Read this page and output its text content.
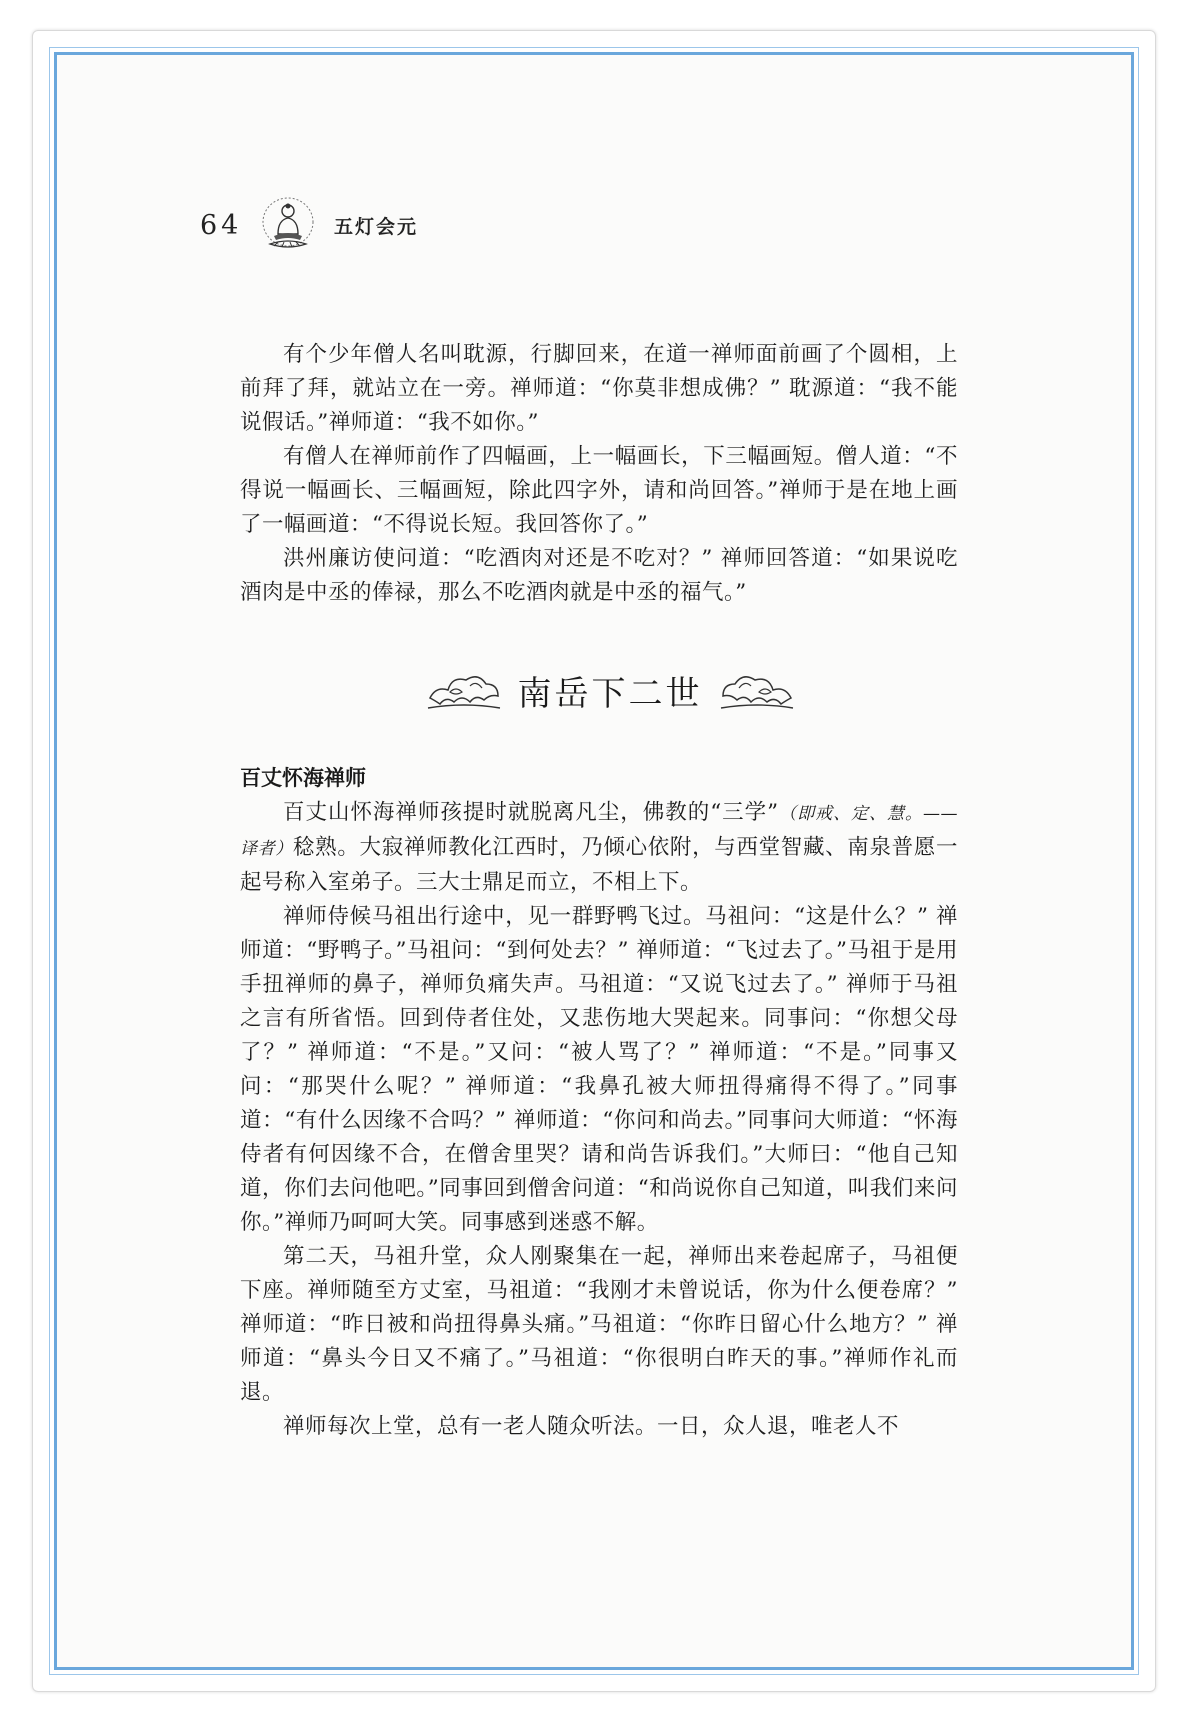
64	五灯会元

有个少年僧人名叫耽源，行脚回来，在道一禅师面前画了个圆相，上前拜了拜，就站立在一旁。禅师道：“你莫非想成佛？” 耽源道：“我不能说假话。”禅师道：“我不如你。”

有僧人在禅师前作了四幅画，上一幅画长，下三幅画短。僧人道：“不得说一幅画长、三幅画短，除此四字外，请和尚回答。”禅师于是在地上画了一幅画道：“不得说长短。我回答你了。”

洪州廉访使问道：“吃酒肉对还是不吃对？” 禅师回答道：“如果说吃酒肉是中丞的俸禄，那么不吃酒肉就是中丞的福气。”

南岳下二世
百丈怀海禅师

百丈山怀海禅师孩提时就脱离凡尘，佛教的“三学”（即戒、定、慧。——译者）稔熟。大寂禅师教化江西时，乃倾心依附，与西堂智藏、南泉普愿一起号称入室弟子。三大士鼎足而立，不相上下。

禅师侍候马祖出行途中，见一群野鸭飞过。马祖问：“这是什么？” 禅师道：“野鸭子。”马祖问：“到何处去？” 禅师道：“飞过去了。”马祖于是用手扭禅师的鼻子，禅师负痛失声。马祖道：“又说飞过去了。” 禅师于马祖之言有所省悟。回到侍者住处，又悲伤地大哭起来。同事问：“你想父母了？” 禅师道：“不是。”又问：“被人骂了？” 禅师道：“不是。”同事又问：“那哭什么呢？” 禅师道：“我鼻孔被大师扭得痛得不得了。”同事道：“有什么因缘不合吗？” 禅师道：“你问和尚去。”同事问大师道：“怀海侍者有何因缘不合，在僧舍里哭？请和尚告诉我们。”大师曰：“他自己知道，你们去问他吧。”同事回到僧舍问道：“和尚说你自己知道，叫我们来问你。”禅师乃呵呵大笑。同事感到迷惑不解。

第二天，马祖升堂，众人刚聚集在一起，禅师出来卷起席子，马祖便下座。禅师随至方丈室，马祖道：“我刚才未曾说话，你为什么便卷席？” 禅师道：“昨日被和尚扭得鼻头痛。”马祖道：“你昨日留心什么地方？” 禅师道：“鼻头今日又不痛了。”马祖道：“你很明白昨天的事。”禅师作礼而退。

禅师每次上堂，总有一老人随众听法。一日，众人退，唯老人不
